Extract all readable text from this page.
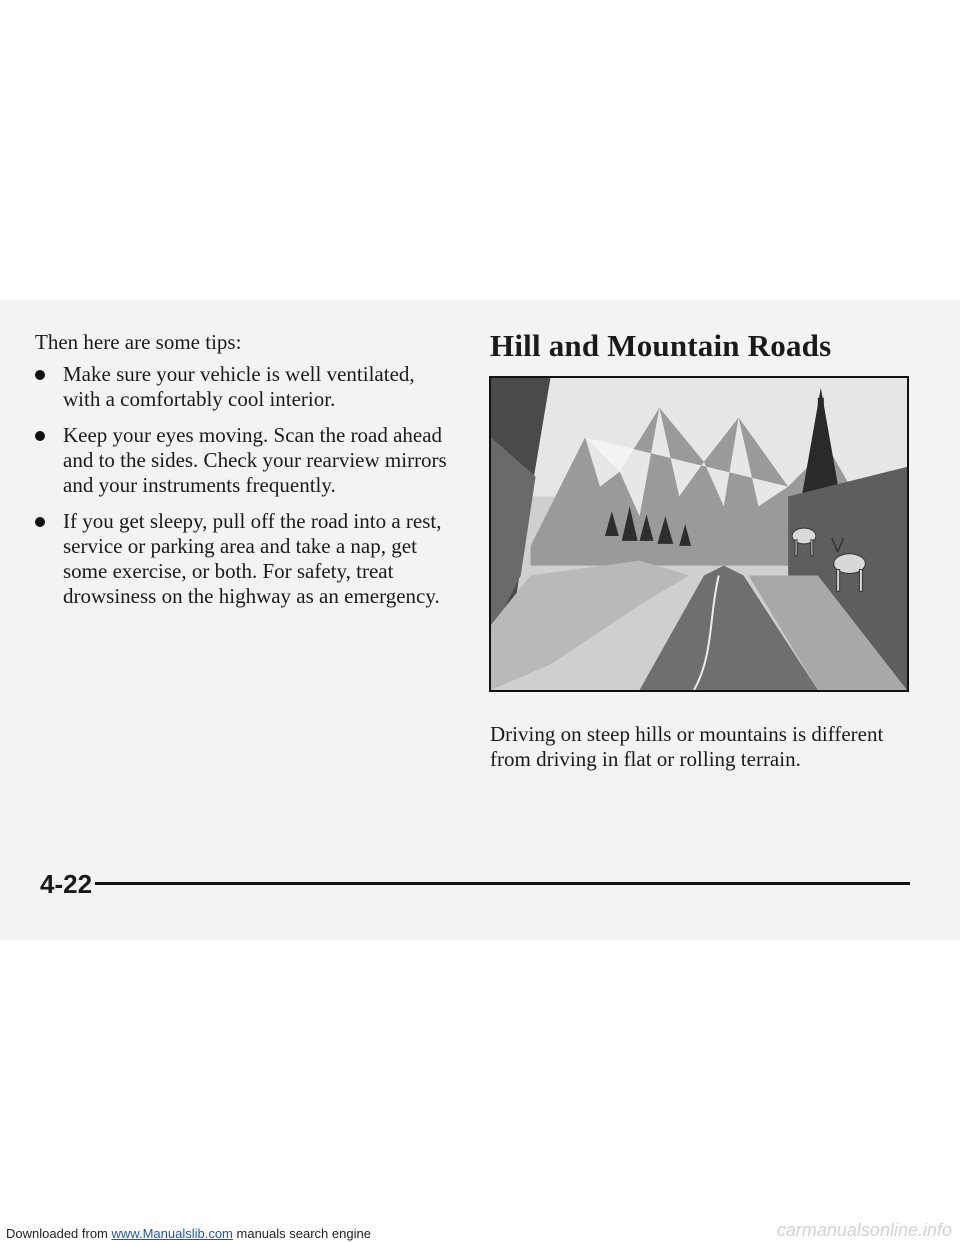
Then here are some tips:

Make sure your vehicle is well ventilated, with a comfortably cool interior.
Keep your eyes moving. Scan the road ahead and to the sides. Check your rearview mirrors and your instruments frequently.
If you get sleepy, pull off the road into a rest, service or parking area and take a nap, get some exercise, or both. For safety, treat drowsiness on the highway as an emergency.
Hill and Mountain Roads

Driving on steep hills or mountains is different from driving in flat or rolling terrain.

4-22
Downloaded from www.Manualslib.com manuals search engine	carmanualsonline.info
